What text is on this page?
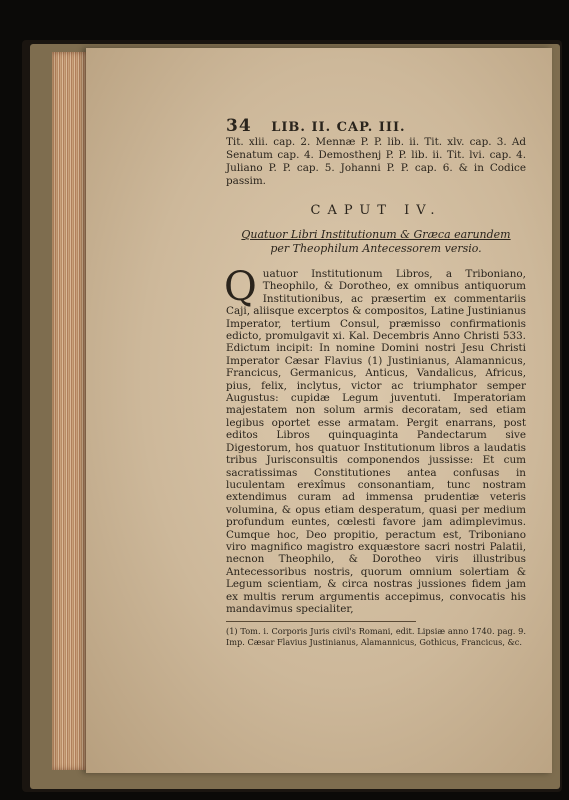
34 LIB. II. CAP. III.
Tit. xlii. cap. 2. Mennæ P. P. lib. ii. Tit. xlv. cap. 3. Ad Senatum cap. 4. Demosthenj P. P. lib. ii. Tit. lvi. cap. 4. Juliano P. P. cap. 5. Johanni P. P. cap. 6. & in Codice passim.
CAPUT IV.
Quatuor Libri Institutionum & Græca earundem
per Theophilum Antecessorem versio.
Quatuor Institutionum Libros, a Triboniano, Theophilo, & Dorotheo, ex omnibus antiquorum Institutionibus, ac præsertim ex commentariis Caji, aliisque excerptos & compositos, Latine Justinianus Imperator, tertium Consul, præmisso confirmationis edicto, promulgavit xi. Kal. Decembris Anno Christi 533. Edictum incipit: In nomine Domini nostri Jesu Christi Imperator Cæsar Flavius (1) Justinianus, Alamannicus, Francicus, Germanicus, Anticus, Vandalicus, Africus, pius, felix, inclytus, victor ac triumphator semper Augustus: cupidæ Legum juventuti. Imperatoriam majestatem non solum armis decoratam, sed etiam legibus oportet esse armatam. Pergit enarrans, post editos Libros quinquaginta Pandectarum sive Digestorum, hos quatuor Institutionum libros a laudatis tribus Jurisconsultis componendos jussisse: Et cum sacratissimas Constitutiones antea confusas in luculentam erexîmus consonantiam, tunc nostram extendimus curam ad immensa prudentiæ veteris volumina, & opus etiam desperatum, quasi per medium profundum euntes, cœlesti favore jam adimplevimus. Cumque hoc, Deo propitio, peractum est, Triboniano viro magnifico magistro exquæstore sacri nostri Palatii, necnon Theophilo, & Dorotheo viris illustribus Antecessoribus nostris, quorum omnium solertiam & Legum scientiam, & circa nostras jussiones fidem jam ex multis rerum argumentis accepimus, convocatis his mandavimus specialiter,
(1) Tom. i. Corporis Juris civil's Romani, edit. Lipsiæ anno 1740. pag. 9. Imp. Cæsar Flavius Justinianus, Alamannicus, Gothicus, Francicus, &c.
